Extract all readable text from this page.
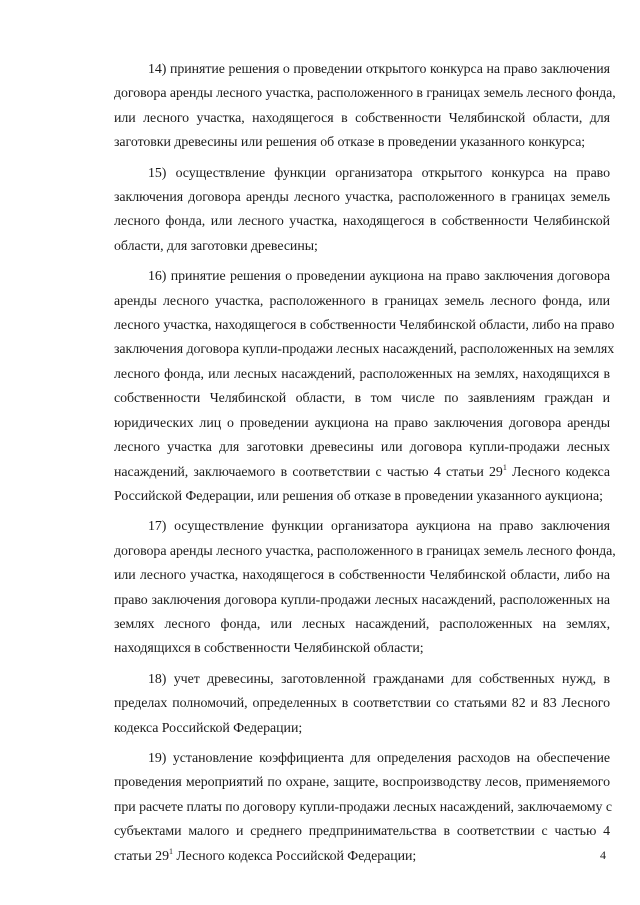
14) принятие решения о проведении открытого конкурса на право заключения
договора аренды лесного участка, расположенного в границах земель лесного фонда,
или лесного участка, находящегося в собственности Челябинской области, для
заготовки древесины или решения об отказе в проведении указанного конкурса;

15) осуществление функции организатора открытого конкурса на право
заключения договора аренды лесного участка, расположенного в границах земель
лесного фонда, или лесного участка, находящегося в собственности Челябинской
области, для заготовки древесины;

16) принятие решения о проведении аукциона на право заключения договора
аренды лесного участка, расположенного в границах земель лесного фонда, или
лесного участка, находящегося в собственности Челябинской области, либо на право
заключения договора купли-продажи лесных насаждений, расположенных на землях
лесного фонда, или лесных насаждений, расположенных на землях, находящихся в
собственности Челябинской области, в том числе по заявлениям граждан и
юридических лиц о проведении аукциона на право заключения договора аренды
лесного участка для заготовки древесины или договора купли-продажи лесных
насаждений, заключаемого в соответствии с частью 4 статьи $29^1$ Лесного кодекса
Российской Федерации, или решения об отказе в проведении указанного аукциона;

17) осуществление функции организатора аукциона на право заключения
договора аренды лесного участка, расположенного в границах земель лесного фонда,
или лесного участка, находящегося в собственности Челябинской области, либо на
право заключения договора купли-продажи лесных насаждений, расположенных на
землях лесного фонда, или лесных насаждений, расположенных на землях,
находящихся в собственности Челябинской области;

18) учет древесины, заготовленной гражданами для собственных нужд, в
пределах полномочий, определенных в соответствии со статьями 82 и 83 Лесного
кодекса Российской Федерации;

19) установление коэффициента для определения расходов на обеспечение
проведения мероприятий по охране, защите, воспроизводству лесов, применяемого
при расчете платы по договору купли-продажи лесных насаждений, заключаемому с
субъектами малого и среднего предпринимательства в соответствии с частью 4
статьи $29^1$ Лесного кодекса Российской Федерации;	4
